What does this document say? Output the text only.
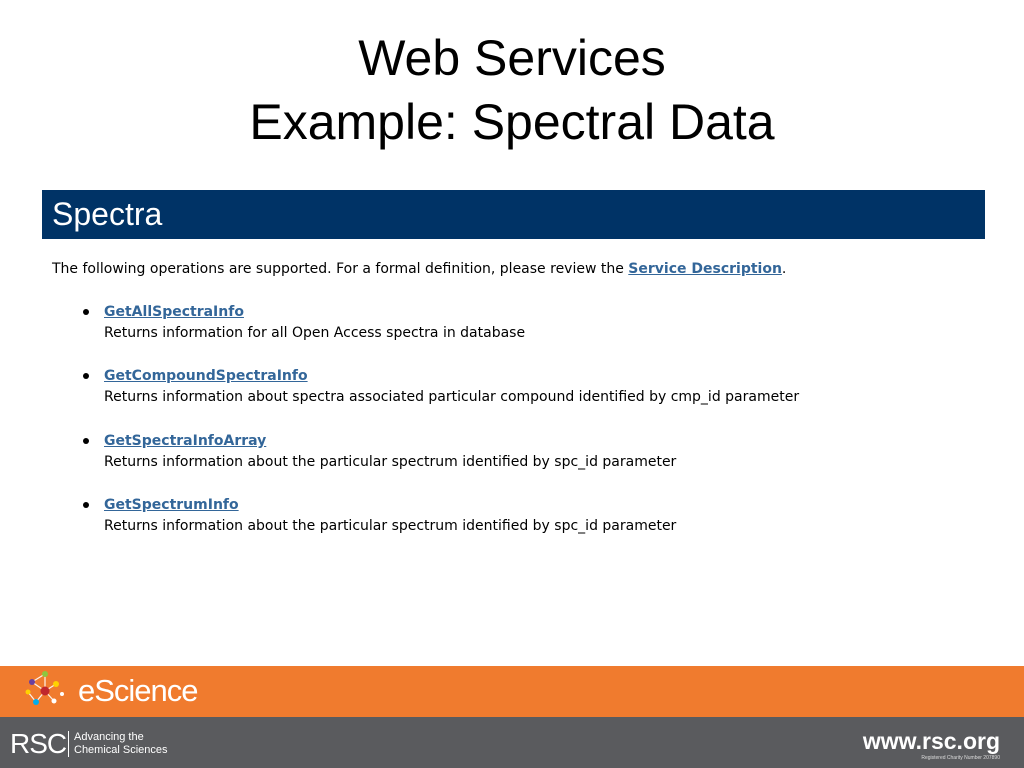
Web Services
Example: Spectral Data
Spectra
The following operations are supported. For a formal definition, please review the Service Description.
GetAllSpectraInfo
Returns information for all Open Access spectra in database
GetCompoundSpectraInfo
Returns information about spectra associated particular compound identified by cmp_id parameter
GetSpectraInfoArray
Returns information about the particular spectrum identified by spc_id parameter
GetSpectrumInfo
Returns information about the particular spectrum identified by spc_id parameter
eScience
RSC Advancing the
Chemical Sciences	www.rsc.org
Registered Charity Number 207890
